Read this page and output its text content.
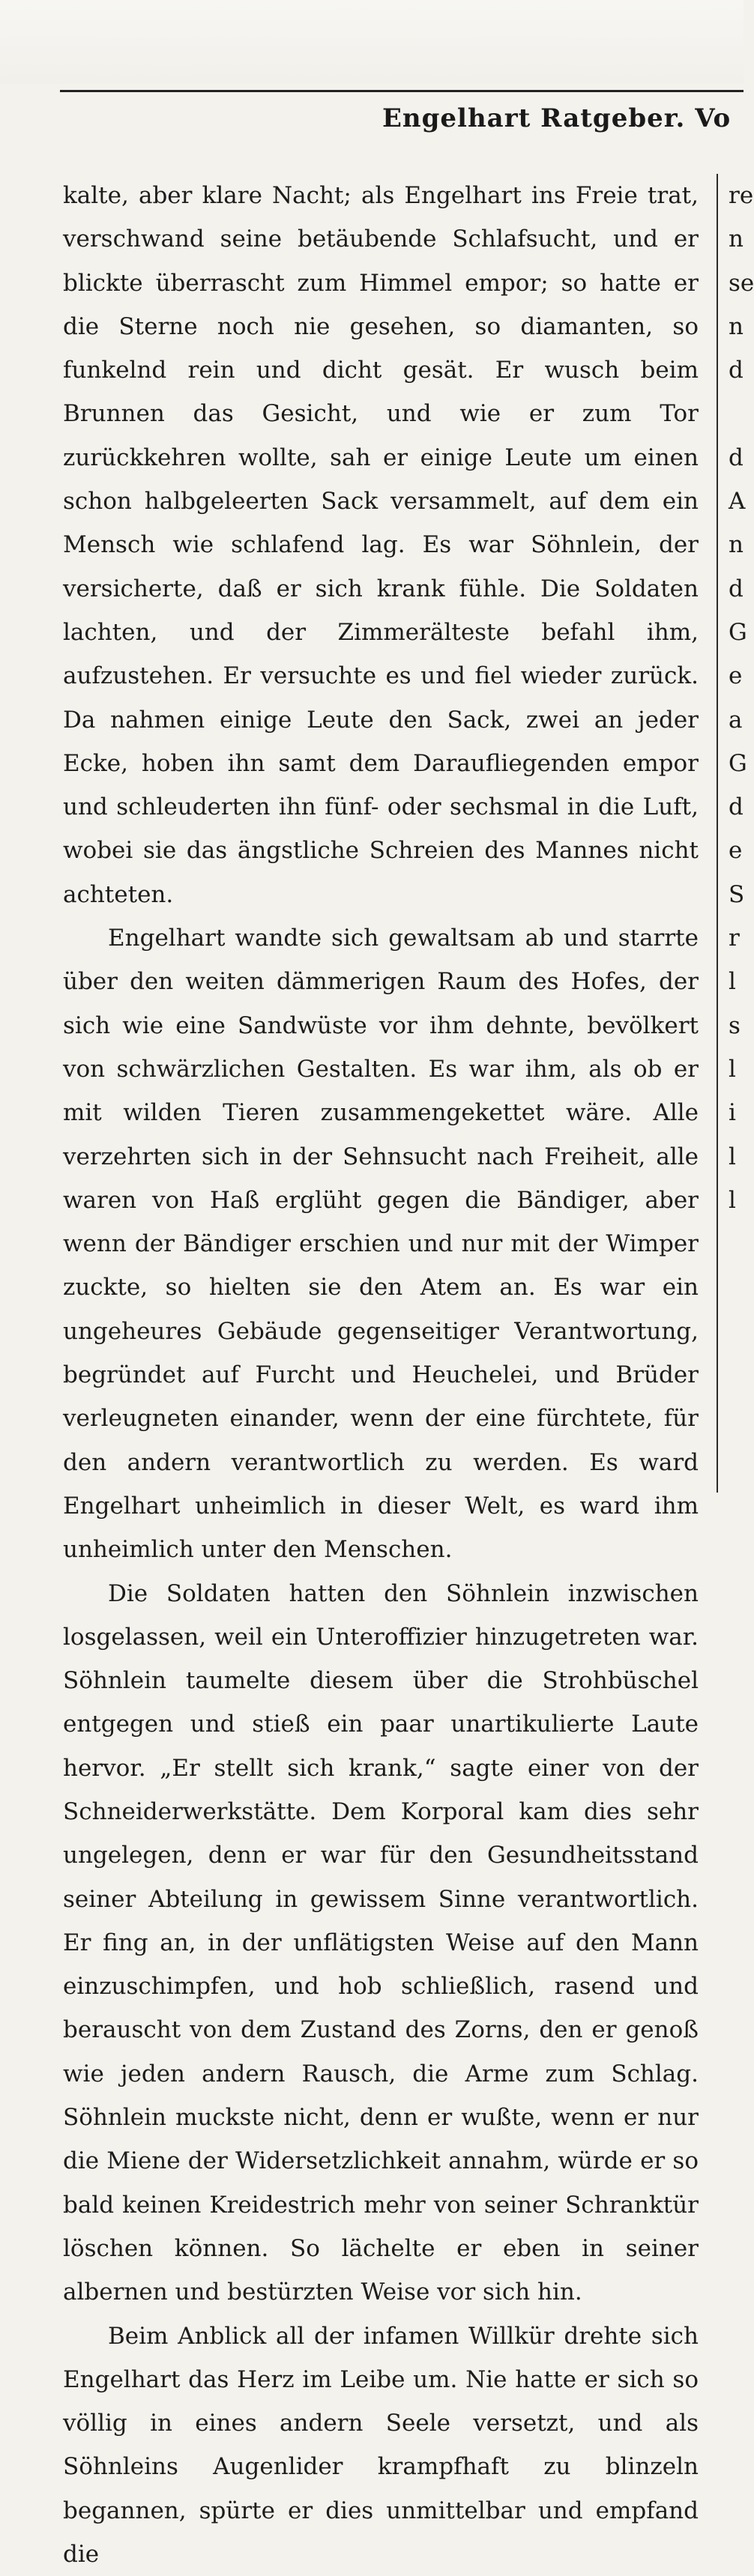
Engelhart Ratgeber. Vo

kalte, aber klare Nacht; als Engelhart ins Freie trat, verschwand seine betäubende Schlafsucht, und er blickte überrascht zum Himmel empor; so hatte er die Sterne noch nie gesehen, so diamanten, so funkelnd rein und dicht gesät. Er wusch beim Brunnen das Gesicht, und wie er zum Tor zurückkehren wollte, sah er einige Leute um einen schon halbgeleerten Sack versammelt, auf dem ein Mensch wie schlafend lag. Es war Söhnlein, der versicherte, daß er sich krank fühle. Die Soldaten lachten, und der Zimmerälteste befahl ihm, aufzustehen. Er versuchte es und fiel wieder zurück. Da nahmen einige Leute den Sack, zwei an jeder Ecke, hoben ihn samt dem Daraufliegenden empor und schleuderten ihn fünf- oder sechsmal in die Luft, wobei sie das ängstliche Schreien des Mannes nicht achteten.

Engelhart wandte sich gewaltsam ab und starrte über den weiten dämmerigen Raum des Hofes, der sich wie eine Sandwüste vor ihm dehnte, bevölkert von schwärzlichen Gestalten. Es war ihm, als ob er mit wilden Tieren zusammengekettet wäre. Alle verzehrten sich in der Sehnsucht nach Freiheit, alle waren von Haß erglüht gegen die Bändiger, aber wenn der Bändiger erschien und nur mit der Wimper zuckte, so hielten sie den Atem an. Es war ein ungeheures Gebäude gegenseitiger Verantwortung, begründet auf Furcht und Heuchelei, und Brüder verleugneten einander, wenn der eine fürchtete, für den andern verantwortlich zu werden. Es ward Engelhart unheimlich in dieser Welt, es ward ihm unheimlich unter den Menschen.

Die Soldaten hatten den Söhnlein inzwischen losgelassen, weil ein Unteroffizier hinzugetreten war. Söhnlein taumelte diesem über die Strohbüschel entgegen und stieß ein paar unartikulierte Laute hervor. „Er stellt sich krank,“ sagte einer von der Schneiderwerkstätte. Dem Korporal kam dies sehr ungelegen, denn er war für den Gesundheitsstand seiner Abteilung in gewissem Sinne verantwortlich. Er fing an, in der unflätigsten Weise auf den Mann einzuschimpfen, und hob schließlich, rasend und berauscht von dem Zustand des Zorns, den er genoß wie jeden andern Rausch, die Arme zum Schlag. Söhnlein muckste nicht, denn er wußte, wenn er nur die Miene der Widersetzlichkeit annahm, würde er so bald keinen Kreidestrich mehr von seiner Schranktür löschen können. So lächelte er eben in seiner albernen und bestürzten Weise vor sich hin.

Beim Anblick all der infamen Willkür drehte sich Engelhart das Herz im Leibe um. Nie hatte er sich so völlig in eines andern Seele versetzt, und als Söhnleins Augenlider krampfhaft zu blinzeln begannen, spürte er dies unmittelbar und empfand die

re
n
se
n
d
d
A
n
d
G
e
a
G
d
e
S
r
l
s
l
i
l
l
